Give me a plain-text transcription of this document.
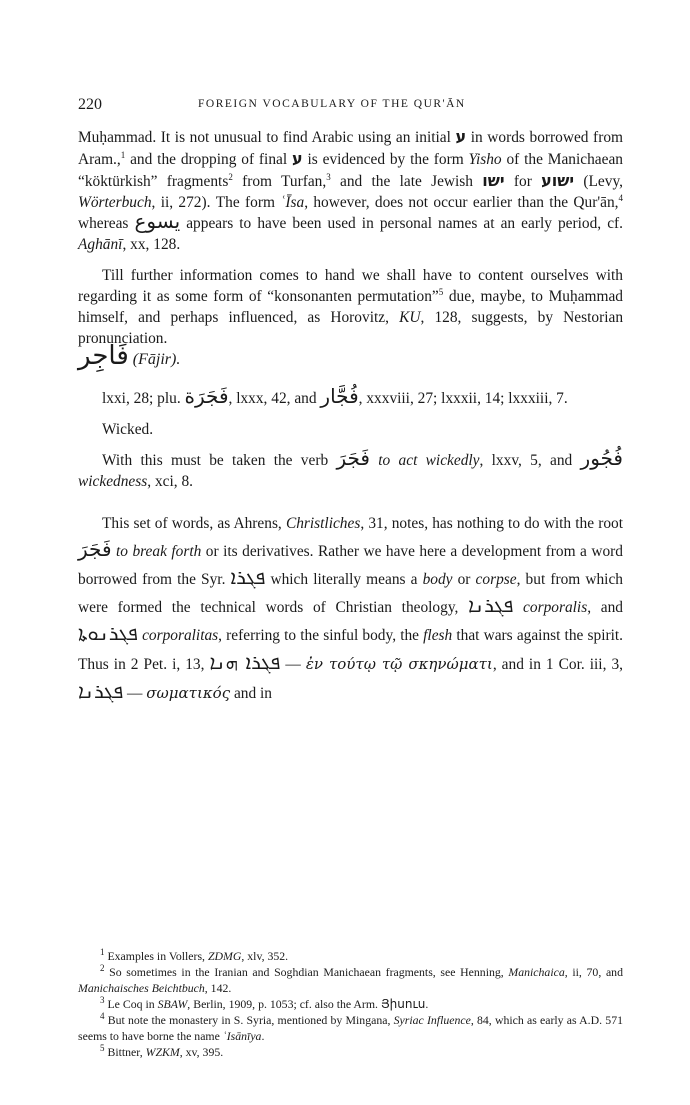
220	FOREIGN VOCABULARY OF THE QUR'ĀN

Muḥammad. It is not unusual to find Arabic using an initial ע in words borrowed from Aram.,$^1$ and the dropping of final ע is evidenced by the form Yisho of the Manichaean “köktürkish” fragments$^2$ from Turfan,$^3$ and the late Jewish ישו for ישוע (Levy, Wörterbuch, ii, 272). The form ʿĪsa, however, does not occur earlier than the Qur'ān,$^4$ whereas يسوع appears to have been used in personal names at an early period, cf. Aghānī, xx, 128.

Till further information comes to hand we shall have to content ourselves with regarding it as some form of “konsonanten permutation”$^5$ due, maybe, to Muḥammad himself, and perhaps influenced, as Horovitz, KU, 128, suggests, by Nestorian pronunciation.

فَاجِر (Fājir).

lxxi, 28; plu. فَجَرَة, lxxx, 42, and فُجَّار, xxxviii, 27; lxxxii, 14; lxxxiii, 7.

Wicked.

With this must be taken the verb فَجَرَ to act wickedly, lxxv, 5, and فُجُور wickedness, xci, 8.

This set of words, as Ahrens, Christliches, 31, notes, has nothing to do with the root فَجَرَ to break forth or its derivatives. Rather we have here a development from a word borrowed from the Syr. ܦܓܪܐ which literally means a body or corpse, but from which were formed the technical words of Christian theology, ܦܓܪܢܐ corporalis, and ܦܓܪܢܘܬܐ corporalitas, referring to the sinful body, the flesh that wars against the spirit. Thus in 2 Pet. i, 13, ܦܓܪܐ ܗܢܐ — ἐν τούτῳ τῷ σκηνώματι, and in 1 Cor. iii, 3, ܦܓܪܢܐ — σωματικός and in

$^1$ Examples in Vollers, ZDMG, xlv, 352.

$^2$ So sometimes in the Iranian and Soghdian Manichaean fragments, see Henning, Manichaica, ii, 70, and Manichaisches Beichtbuch, 142.

$^3$ Le Coq in SBAW, Berlin, 1909, p. 1053; cf. also the Arm. Յիսուս.

$^4$ But note the monastery in S. Syria, mentioned by Mingana, Syriac Influence, 84, which as early as A.D. 571 seems to have borne the name ʿIsānīya.

$^5$ Bittner, WZKM, xv, 395.
